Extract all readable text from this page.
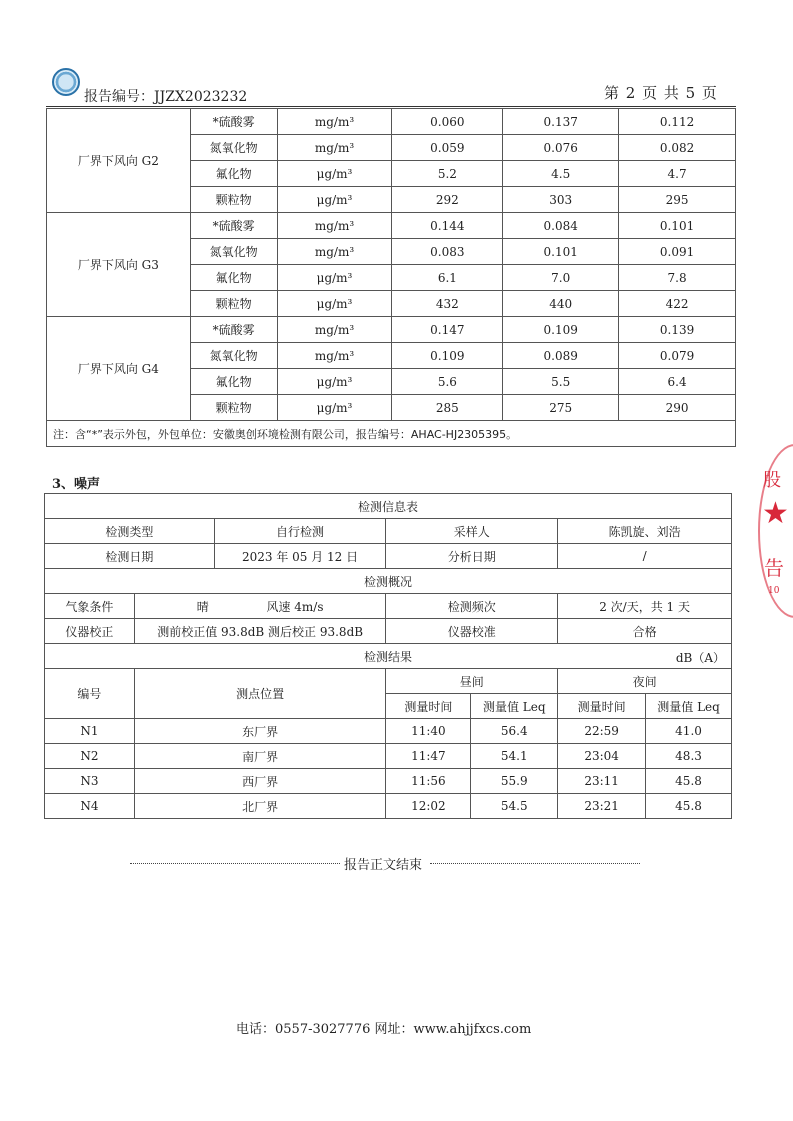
报告编号：JJZX2023232	第 2 页 共 5 页
厂界下风向 G2	*硫酸雾	mg/m³	0.060	0.137	0.112
	氮氧化物	mg/m³	0.059	0.076	0.082
	氟化物	μg/m³	5.2	4.5	4.7
	颗粒物	μg/m³	292	303	295
厂界下风向 G3	*硫酸雾	mg/m³	0.144	0.084	0.101
	氮氧化物	mg/m³	0.083	0.101	0.091
	氟化物	μg/m³	6.1	7.0	7.8
	颗粒物	μg/m³	432	440	422
厂界下风向 G4	*硫酸雾	mg/m³	0.147	0.109	0.139
	氮氧化物	mg/m³	0.109	0.089	0.079
	氟化物	μg/m³	5.6	5.5	6.4
	颗粒物	μg/m³	285	275	290
注：含“*”表示外包，外包单位：安徽奥创环境检测有限公司，报告编号：AHAC-HJ2305395。					
3、噪声
检测信息表						
检测类型		自行检测	采样人		陈凯旋、刘浩	
检测日期		2023 年 05 月 12 日	分析日期		/	
检测概况						
气象条件	晴 风速 4m/s		检测频次		2 次/天，共 1 天	
仪器校正	测前校正值 93.8dB 测后校正 93.8dB		仪器校准		合格	
检测结果 dB（A）						

编号	测点位置		昼间		夜间	
			测量时间	测量值 Leq	测量时间	测量值 Leq
N1	东厂界		11:40	56.4	22:59	41.0
N2	南厂界		11:47	54.1	23:04	48.3
N3	西厂界		11:56	55.9	23:11	45.8
N4	北厂界		12:02	54.5	23:21	45.8
报告正文结束
电话：0557-3027776 网址：www.ahjjfxcs.com
股
★
告
10
